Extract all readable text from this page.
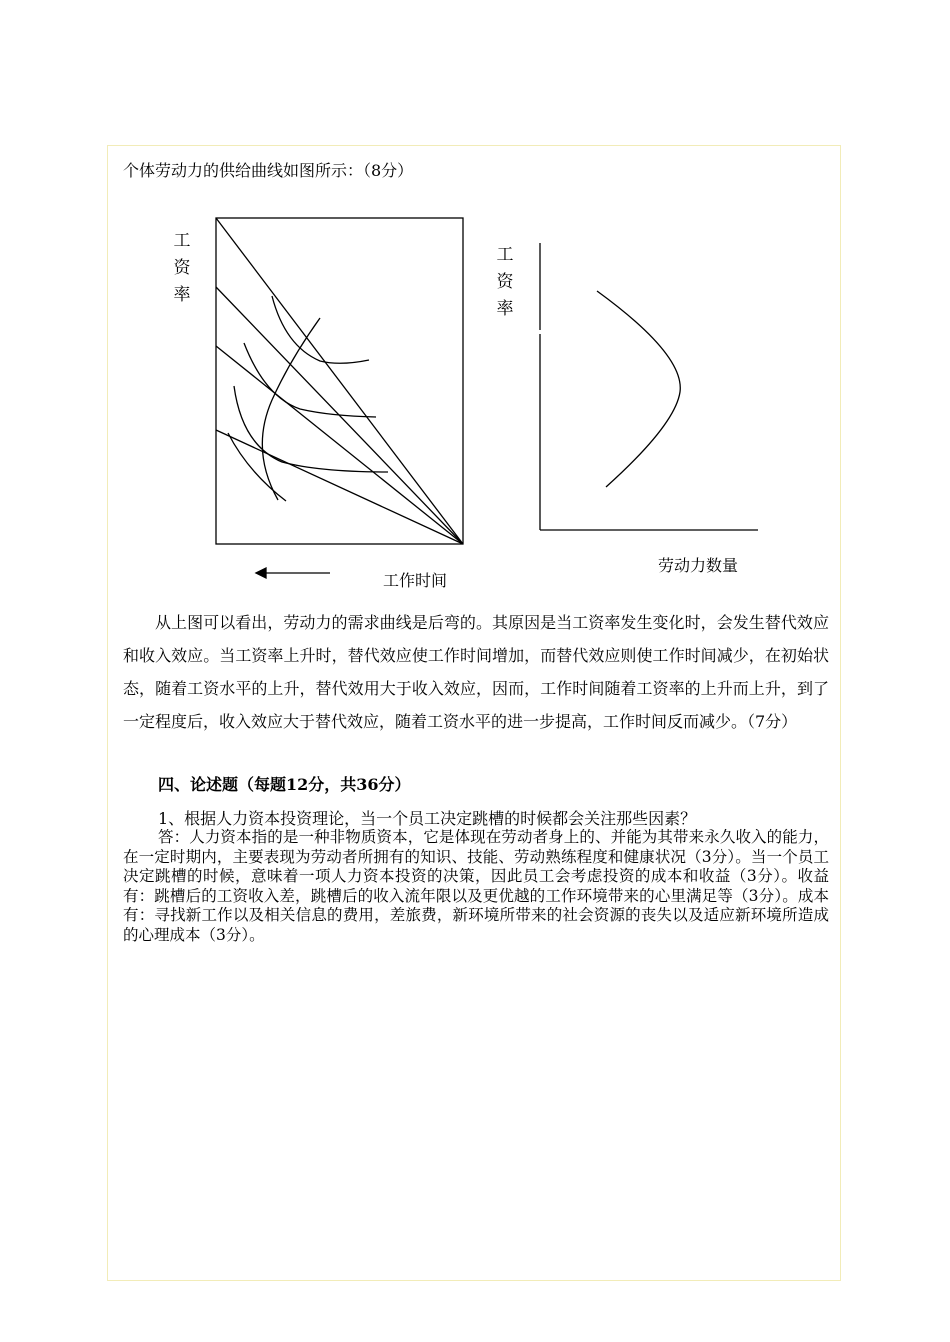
个体劳动力的供给曲线如图所示：（8分）
工
资
率
工
资
率
工作时间
劳动力数量
从上图可以看出，劳动力的需求曲线是后弯的。其原因是当工资率发生变化时，会发生替代效应和收入效应。当工资率上升时，替代效应使工作时间增加，而替代效应则使工作时间减少，在初始状态，随着工资水平的上升，替代效用大于收入效应，因而，工作时间随着工资率的上升而上升，到了一定程度后，收入效应大于替代效应，随着工资水平的进一步提高，工作时间反而减少。（7分）
四、论述题（每题12分，共36分）
1、根据人力资本投资理论，当一个员工决定跳槽的时候都会关注那些因素？
答：人力资本指的是一种非物质资本，它是体现在劳动者身上的、并能为其带来永久收入的能力，在一定时期内，主要表现为劳动者所拥有的知识、技能、劳动熟练程度和健康状况（3分）。当一个员工决定跳槽的时候，意味着一项人力资本投资的决策，因此员工会考虑投资的成本和收益（3分）。收益有：跳槽后的工资收入差，跳槽后的收入流年限以及更优越的工作环境带来的心里满足等（3分）。成本有：寻找新工作以及相关信息的费用，差旅费，新环境所带来的社会资源的丧失以及适应新环境所造成的心理成本（3分）。
